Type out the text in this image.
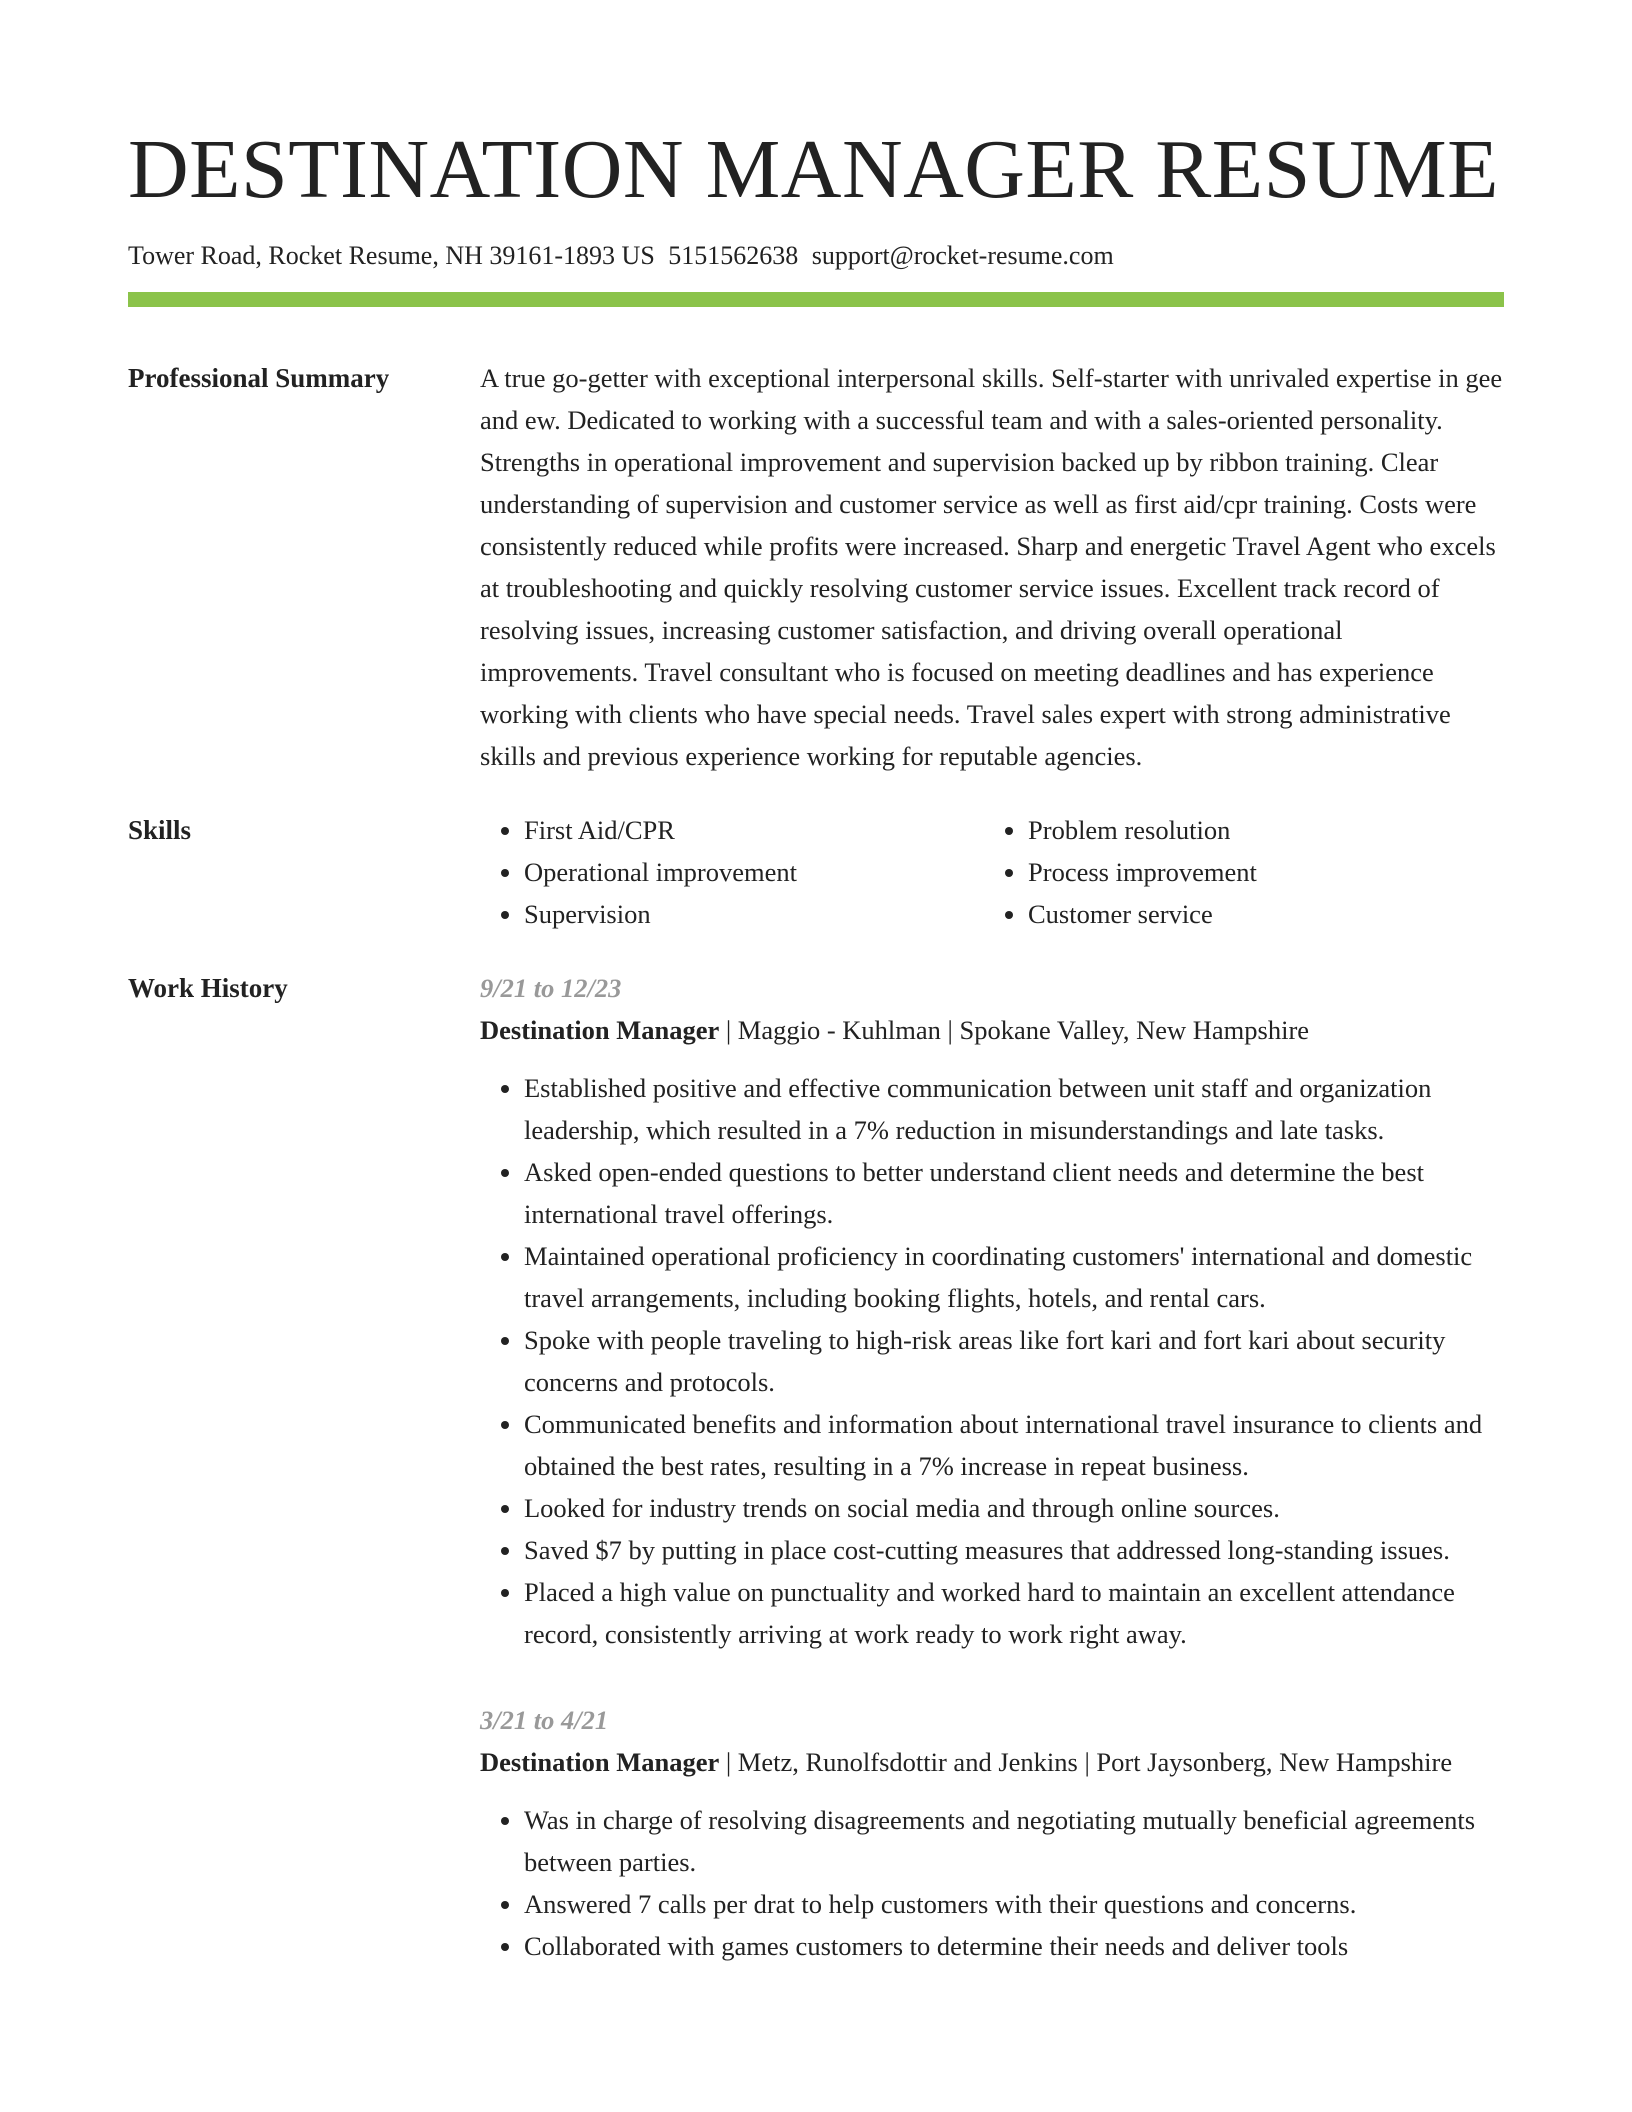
DESTINATION MANAGER RESUME
Tower Road, Rocket Resume, NH 39161-1893 US 5151562638 support@rocket-resume.com
Professional Summary	A true go-getter with exceptional interpersonal skills. Self-starter with unrivaled expertise in gee and ew. Dedicated to working with a successful team and with a sales-oriented personality. Strengths in operational improvement and supervision backed up by ribbon training. Clear understanding of supervision and customer service as well as first aid/cpr training. Costs were consistently reduced while profits were increased. Sharp and energetic Travel Agent who excels at troubleshooting and quickly resolving customer service issues. Excellent track record of resolving issues, increasing customer satisfaction, and driving overall operational improvements. Travel consultant who is focused on meeting deadlines and has experience working with clients who have special needs. Travel sales expert with strong administrative skills and previous experience working for reputable agencies.

Skills
•	First Aid/CPR
• Operational improvement
• Supervision
• Problem resolution
• Process improvement
• Customer service
Work History	9/21 to 12/23
Destination Manager | Maggio - Kuhlman | Spokane Valley, New Hampshire
• Established positive and effective communication between unit staff and organization leadership, which resulted in a 7% reduction in misunderstandings and late tasks.
• Asked open-ended questions to better understand client needs and determine the best international travel offerings.
• Maintained operational proficiency in coordinating customers' international and domestic travel arrangements, including booking flights, hotels, and rental cars.
• Spoke with people traveling to high-risk areas like fort kari and fort kari about security concerns and protocols.
• Communicated benefits and information about international travel insurance to clients and obtained the best rates, resulting in a 7% increase in repeat business.
• Looked for industry trends on social media and through online sources.
• Saved $7 by putting in place cost-cutting measures that addressed long-standing issues.
• Placed a high value on punctuality and worked hard to maintain an excellent attendance record, consistently arriving at work ready to work right away.
3/21 to 4/21
Destination Manager | Metz, Runolfsdottir and Jenkins | Port Jaysonberg, New Hampshire
• Was in charge of resolving disagreements and negotiating mutually beneficial agreements between parties.
• Answered 7 calls per drat to help customers with their questions and concerns.
• Collaborated with games customers to determine their needs and deliver tools
